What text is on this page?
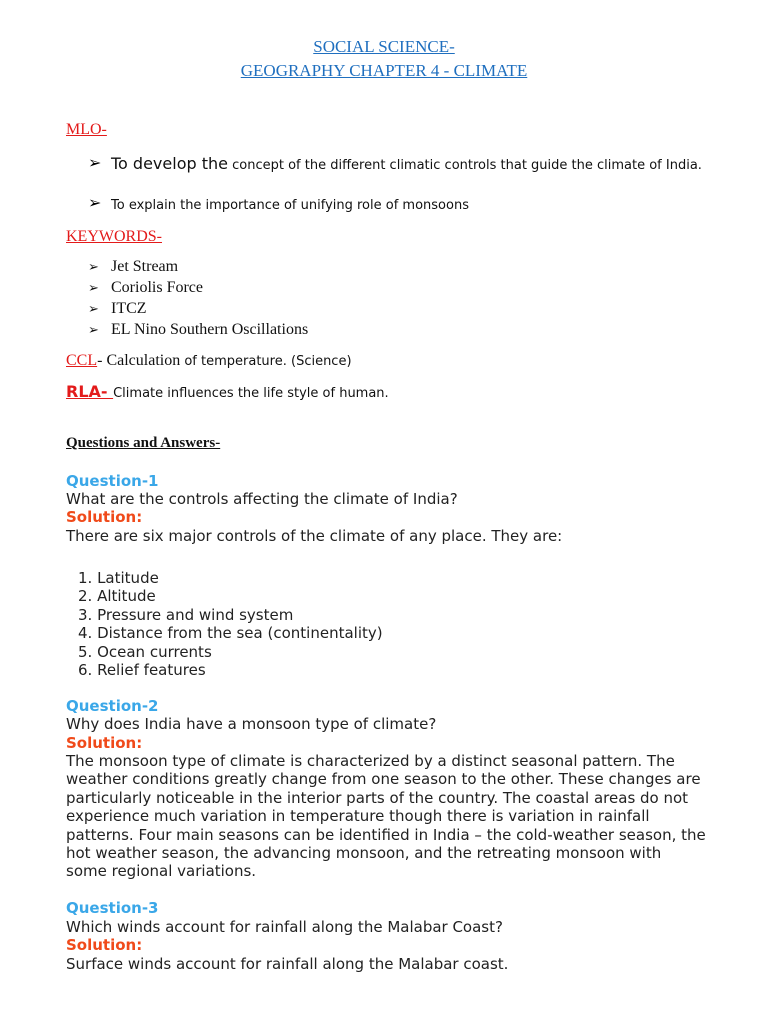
SOCIAL SCIENCE-

GEOGRAPHY CHAPTER 4 - CLIMATE

MLO-

➢ To develop the concept of the different climatic controls that guide the climate of India.

➢ To explain the importance of unifying role of monsoons

KEYWORDS-

➢ Jet Stream

➢ Coriolis Force

➢ ITCZ

➢ EL Nino Southern Oscillations

CCL- Calculation of temperature. (Science)

RLA- Climate influences the life style of human.

Questions and Answers-

Question-1

What are the controls affecting the climate of India?

Solution:

There are six major controls of the climate of any place. They are:

1. Latitude
2. Altitude
3. Pressure and wind system
4. Distance from the sea (continentality)
5. Ocean currents
6. Relief features

Question-2

Why does India have a monsoon type of climate?

Solution:

The monsoon type of climate is characterized by a distinct seasonal pattern. The weather conditions greatly change from one season to the other. These changes are particularly noticeable in the interior parts of the country. The coastal areas do not experience much variation in temperature though there is variation in rainfall patterns. Four main seasons can be identified in India – the cold-weather season, the hot weather season, the advancing monsoon, and the retreating monsoon with some regional variations.

Question-3

Which winds account for rainfall along the Malabar Coast?

Solution:

Surface winds account for rainfall along the Malabar coast.
